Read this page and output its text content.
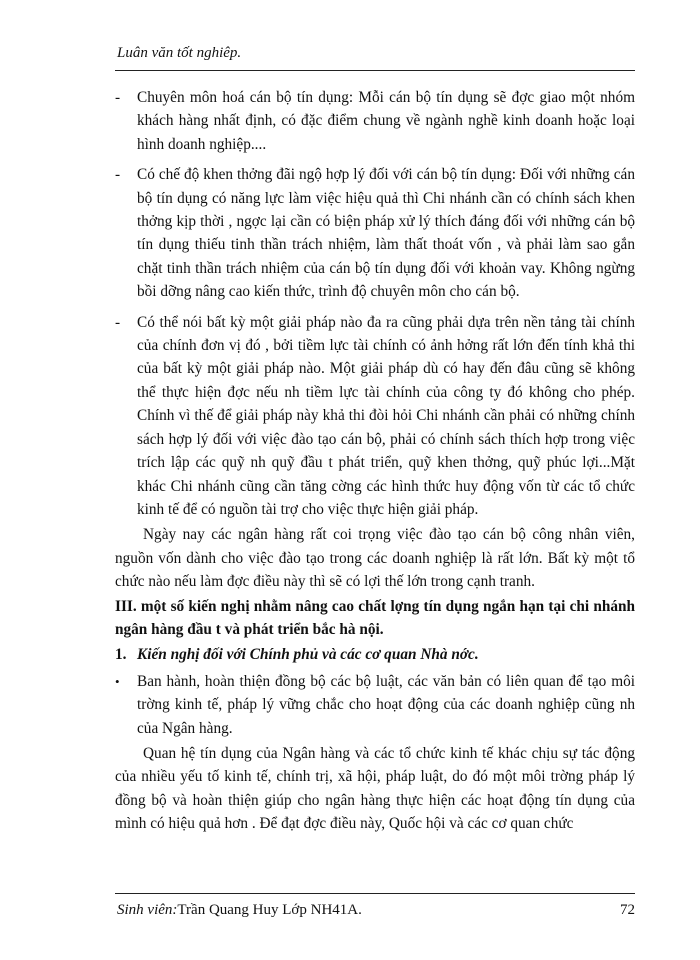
Luân văn tốt nghiêp.
-	Chuyên môn hoá cán bộ tín dụng: Mỗi cán bộ tín dụng sẽ đợc giao một nhóm khách hàng nhất định, có đặc điểm chung về ngành nghề kinh doanh hoặc loại hình doanh nghiệp....

-	Có chế độ khen thởng đãi ngộ hợp lý đối với cán bộ tín dụng: Đối với những cán bộ tín dụng có năng lực làm việc hiệu quả thì Chi nhánh cần có chính sách khen thởng kịp thời , ngợc lại cần có biện pháp xử lý thích đáng đối với những cán bộ tín dụng thiếu tinh thần trách nhiệm, làm thất thoát vốn , và phải làm sao gắn chặt tinh thần trách nhiệm của cán bộ tín dụng đối với khoản vay. Không ngừng bồi dỡng nâng cao kiến thức, trình độ chuyên môn cho cán bộ.

-	Có thể nói bất kỳ một giải pháp nào đa ra cũng phải dựa trên nền tảng tài chính của chính đơn vị đó , bởi tiềm lực tài chính có ảnh hởng rất lớn đến tính khả thi của bất kỳ một giải pháp nào. Một giải pháp dù có hay đến đâu cũng sẽ không thể thực hiện đợc nếu nh tiềm lực tài chính của công ty đó không cho phép. Chính vì thế để giải pháp này khả thi đòi hỏi Chi nhánh cần phải có những chính sách hợp lý đối với việc đào tạo cán bộ, phải có chính sách thích hợp trong việc trích lập các quỹ nh quỹ đầu t phát triển, quỹ khen thởng, quỹ phúc lợi...Mặt khác Chi nhánh cũng cần tăng cờng các hình thức huy động vốn từ các tổ chức kinh tế để có nguồn tài trợ cho việc thực hiện giải pháp.

Ngày nay các ngân hàng rất coi trọng việc đào tạo cán bộ công nhân viên, nguồn vốn dành cho việc đào tạo trong các doanh nghiệp là rất lớn. Bất kỳ một tổ chức nào nếu làm đợc điều này thì sẽ có lợi thế lớn trong cạnh tranh.

III. một số kiến nghị nhằm nâng cao chất lợng tín dụng ngắn hạn tại chi nhánh ngân hàng đầu t và phát triển bắc hà nội.

1. Kiến nghị đối với Chính phủ và các cơ quan Nhà nớc.
•	Ban hành, hoàn thiện đồng bộ các bộ luật, các văn bản có liên quan để tạo môi trờng kinh tế, pháp lý vững chắc cho hoạt động của các doanh nghiệp cũng nh của Ngân hàng.

Quan hệ tín dụng của Ngân hàng và các tổ chức kinh tế khác chịu sự tác động của nhiều yếu tố kinh tế, chính trị, xã hội, pháp luật, do đó một môi trờng pháp lý đồng bộ và hoàn thiện giúp cho ngân hàng thực hiện các hoạt động tín dụng của mình có hiệu quả hơn . Để đạt đợc điều này, Quốc hội và các cơ quan chức

Sinh viên:Trần Quang Huy Lớp NH41A.	72
